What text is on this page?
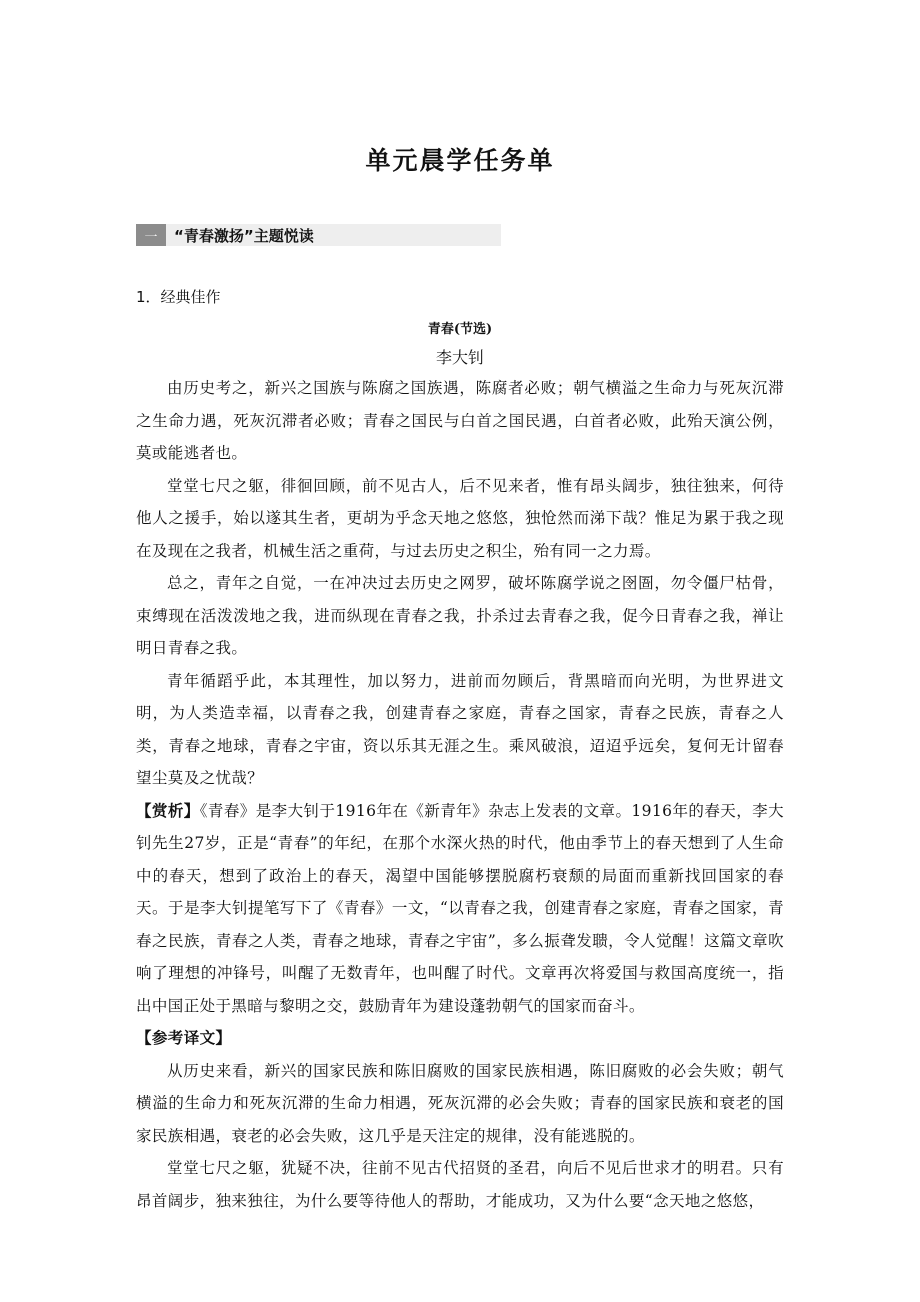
单元晨学任务单
一	“青春激扬”主题悦读
1．经典佳作
青春(节选)
李大钊

由历史考之，新兴之国族与陈腐之国族遇，陈腐者必败；朝气横溢之生命力与死灰沉滞之生命力遇，死灰沉滞者必败；青春之国民与白首之国民遇，白首者必败，此殆天演公例，莫或能逃者也。

堂堂七尺之躯，徘徊回顾，前不见古人，后不见来者，惟有昂头阔步，独往独来，何待他人之援手，始以遂其生者，更胡为乎念天地之悠悠，独怆然而涕下哉？惟足为累于我之现在及现在之我者，机械生活之重荷，与过去历史之积尘，殆有同一之力焉。

总之，青年之自觉，一在冲决过去历史之网罗，破坏陈腐学说之囹圄，勿令僵尸枯骨，束缚现在活泼泼地之我，进而纵现在青春之我，扑杀过去青春之我，促今日青春之我，禅让明日青春之我。

青年循蹈乎此，本其理性，加以努力，进前而勿顾后，背黑暗而向光明，为世界进文明，为人类造幸福，以青春之我，创建青春之家庭，青春之国家，青春之民族，青春之人类，青春之地球，青春之宇宙，资以乐其无涯之生。乘风破浪，迢迢乎远矣，复何无计留春望尘莫及之忧哉？

【赏析】《青春》是李大钊于1916年在《新青年》杂志上发表的文章。1916年的春天，李大钊先生27岁，正是“青春”的年纪，在那个水深火热的时代，他由季节上的春天想到了人生命中的春天，想到了政治上的春天，渴望中国能够摆脱腐朽衰颓的局面而重新找回国家的春天。于是李大钊提笔写下了《青春》一文，“以青春之我，创建青春之家庭，青春之国家，青春之民族，青春之人类，青春之地球，青春之宇宙”，多么振聋发聩，令人觉醒！这篇文章吹响了理想的冲锋号，叫醒了无数青年，也叫醒了时代。文章再次将爱国与救国高度统一，指出中国正处于黑暗与黎明之交，鼓励青年为建设蓬勃朝气的国家而奋斗。

【参考译文】

从历史来看，新兴的国家民族和陈旧腐败的国家民族相遇，陈旧腐败的必会失败；朝气横溢的生命力和死灰沉滞的生命力相遇，死灰沉滞的必会失败；青春的国家民族和衰老的国家民族相遇，衰老的必会失败，这几乎是天注定的规律，没有能逃脱的。

堂堂七尺之躯，犹疑不决，往前不见古代招贤的圣君，向后不见后世求才的明君。只有昂首阔步，独来独往，为什么要等待他人的帮助，才能成功，又为什么要“念天地之悠悠，
